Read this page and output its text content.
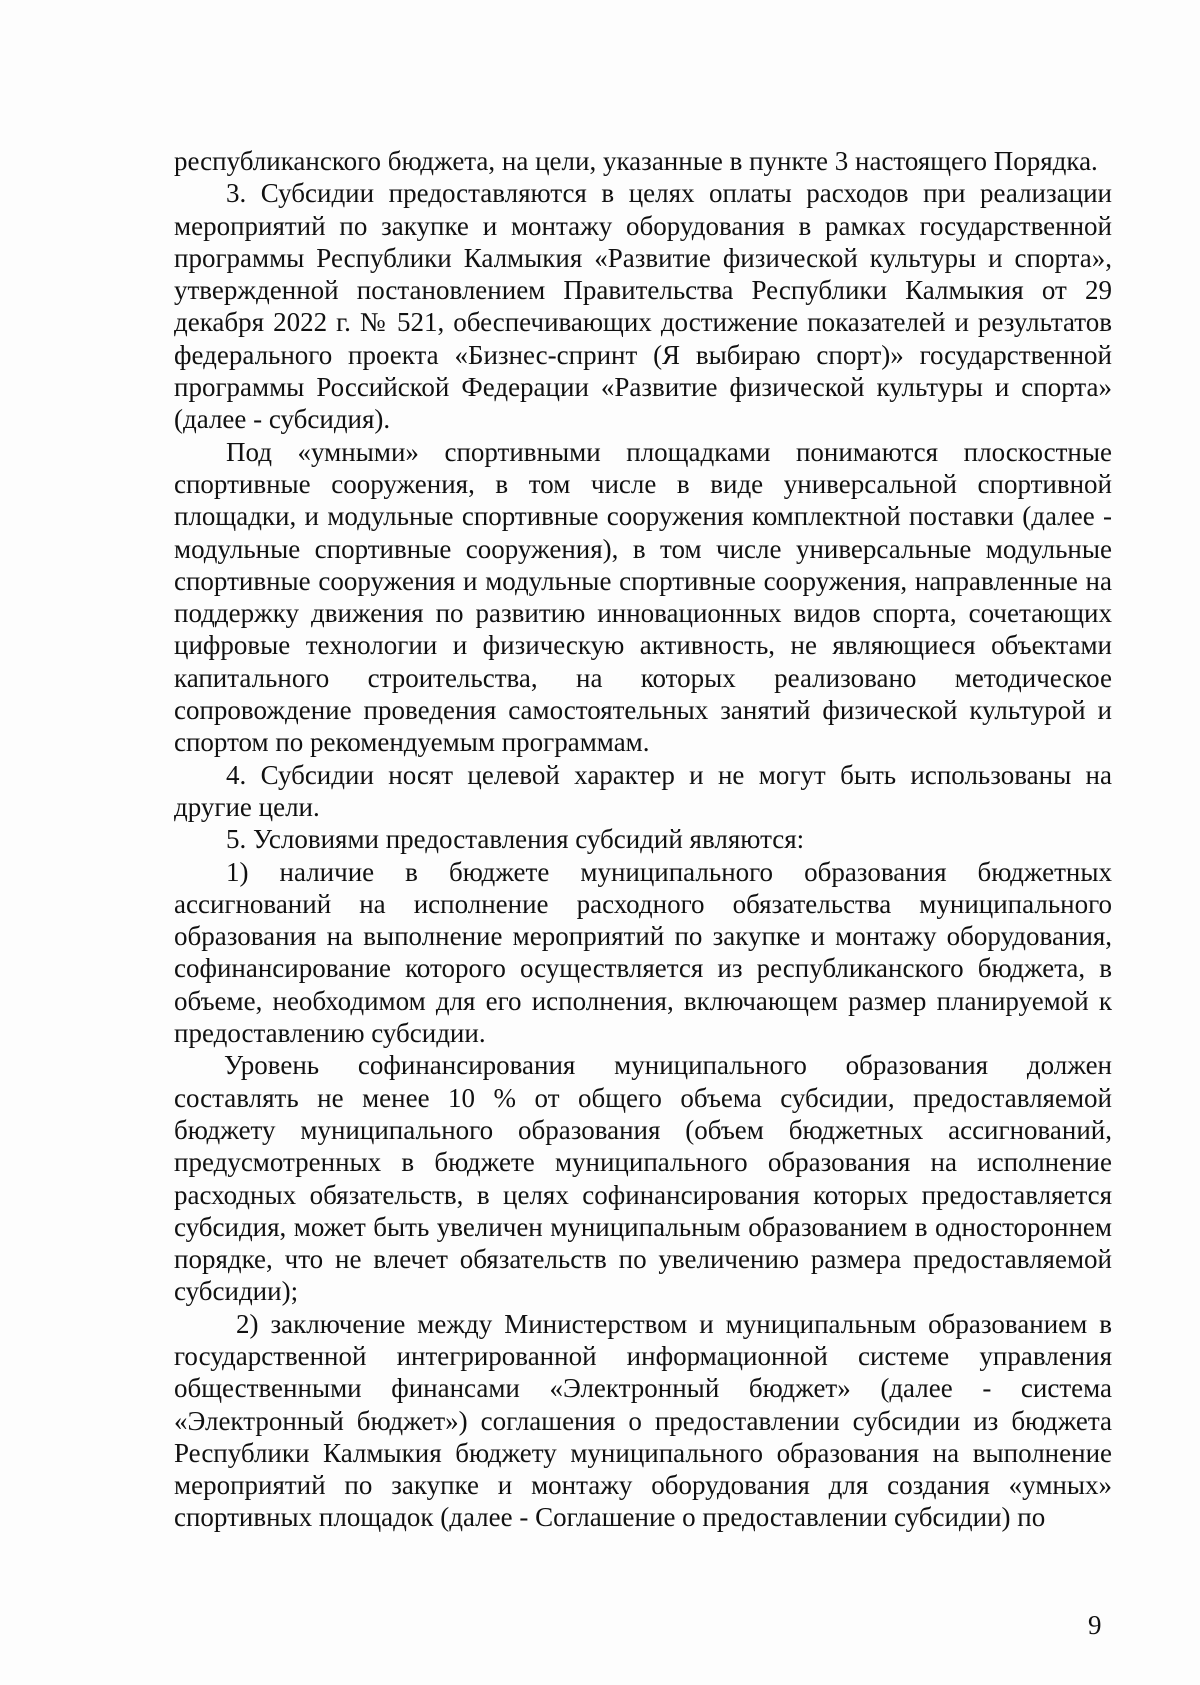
республиканского бюджета, на цели, указанные в пункте 3 настоящего Порядка.

3. Субсидии предоставляются в целях оплаты расходов при реализации мероприятий по закупке и монтажу оборудования в рамках государственной программы Республики Калмыкия «Развитие физической культуры и спорта», утвержденной постановлением Правительства Республики Калмыкия от 29 декабря 2022 г. № 521, обеспечивающих достижение показателей и результатов федерального проекта «Бизнес-спринт (Я выбираю спорт)» государственной программы Российской Федерации «Развитие физической культуры и спорта» (далее - субсидия).

Под «умными» спортивными площадками понимаются плоскостные спортивные сооружения, в том числе в виде универсальной спортивной площадки, и модульные спортивные сооружения комплектной поставки (далее - модульные спортивные сооружения), в том числе универсальные модульные спортивные сооружения и модульные спортивные сооружения, направленные на поддержку движения по развитию инновационных видов спорта, сочетающих цифровые технологии и физическую активность, не являющиеся объектами капитального строительства, на которых реализовано методическое сопровождение проведения самостоятельных занятий физической культурой и спортом по рекомендуемым программам.

4. Субсидии носят целевой характер и не могут быть использованы на другие цели.

5. Условиями предоставления субсидий являются:

1) наличие в бюджете муниципального образования бюджетных ассигнований на исполнение расходного обязательства муниципального образования на выполнение мероприятий по закупке и монтажу оборудования, софинансирование которого осуществляется из республиканского бюджета, в объеме, необходимом для его исполнения, включающем размер планируемой к предоставлению субсидии.

Уровень софинансирования муниципального образования должен составлять не менее 10 % от общего объема субсидии, предоставляемой бюджету муниципального образования (объем бюджетных ассигнований, предусмотренных в бюджете муниципального образования на исполнение расходных обязательств, в целях софинансирования которых предоставляется субсидия, может быть увеличен муниципальным образованием в одностороннем порядке, что не влечет обязательств по увеличению размера предоставляемой субсидии);

2) заключение между Министерством и муниципальным образованием в государственной интегрированной информационной системе управления общественными финансами «Электронный бюджет» (далее - система «Электронный бюджет») соглашения о предоставлении субсидии из бюджета Республики Калмыкия бюджету муниципального образования на выполнение мероприятий по закупке и монтажу оборудования для создания «умных» спортивных площадок (далее - Соглашение о предоставлении субсидии) по

9
